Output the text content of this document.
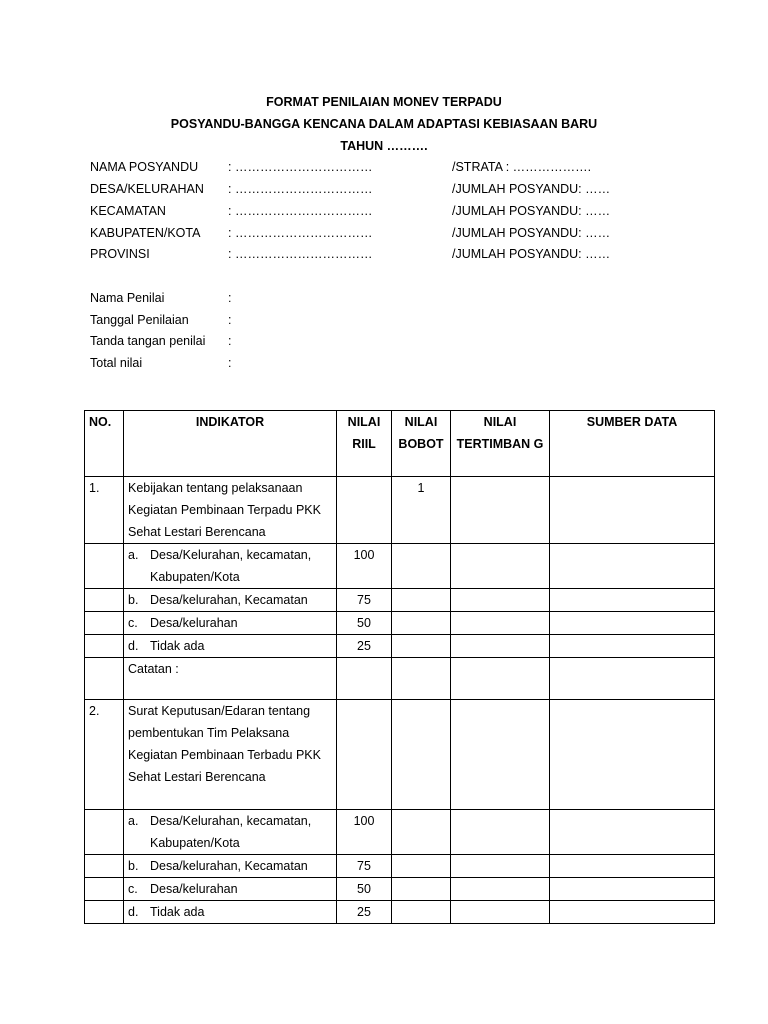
FORMAT PENILAIAN MONEV TERPADU
POSYANDU-BANGGA KENCANA DALAM ADAPTASI KEBIASAAN BARU
TAHUN ……….
NAMA POSYANDU	: ……………………………	/STRATA : ……………….
DESA/KELURAHAN	: ……………………………	/JUMLAH POSYANDU: ……
KECAMATAN	: ……………………………	/JUMLAH POSYANDU: ……
KABUPATEN/KOTA	: ……………………………	/JUMLAH POSYANDU: ……
PROVINSI	: ……………………………	/JUMLAH POSYANDU: ……
Nama Penilai	:
Tanggal Penilaian	:
Tanda tangan penilai	:
Total nilai	:
NO.	INDIKATOR	NILAI RIIL	NILAI BOBOT	NILAI TERTIMBAN G	SUMBER DATA
1.	Kebijakan tentang pelaksanaan Kegiatan Pembinaan Terpadu PKK Sehat Lestari Berencana		1		

	a. Desa/Kelurahan, kecamatan, Kabupaten/Kota	100			

	b. Desa/kelurahan, Kecamatan	75			

	c. Desa/kelurahan	50			

	d. Tidak ada	25			
	Catatan :				
2.	Surat Keputusan/Edaran tentang pembentukan Tim Pelaksana Kegiatan Pembinaan Terbadu PKK Sehat Lestari Berencana				

	a. Desa/Kelurahan, kecamatan, Kabupaten/Kota	100			

	b. Desa/kelurahan, Kecamatan	75			

	c. Desa/kelurahan	50			

	d. Tidak ada	25			
